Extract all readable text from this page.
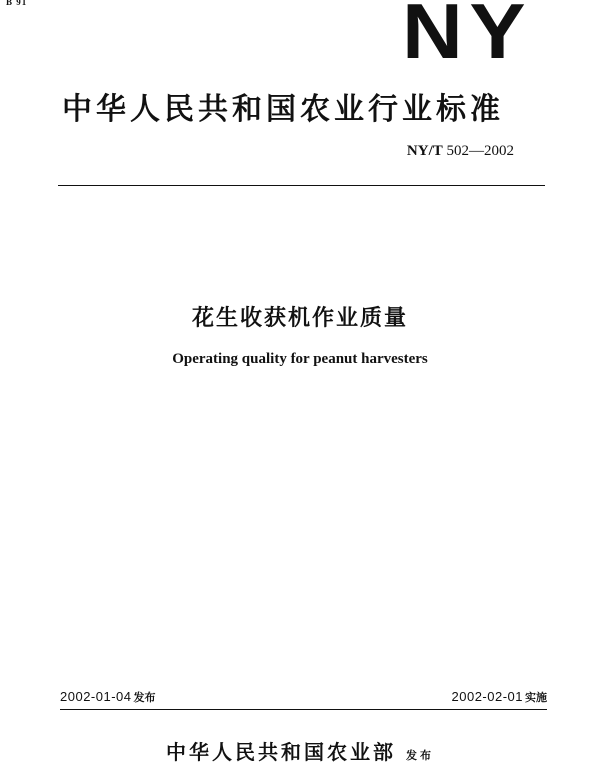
B 91	NY
中华人民共和国农业行业标准
NY/T 502—2002
花生收获机作业质量
Operating quality for peanut harvesters
2002-01-04 发布	2002-02-01 实施
中华人民共和国农业部 发布
